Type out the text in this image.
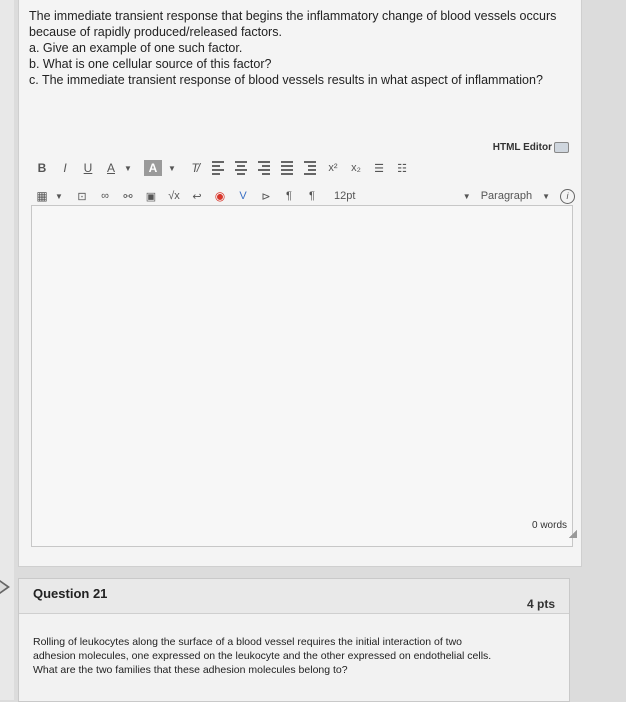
The immediate transient response that begins the inflammatory change of blood vessels occurs

because of rapidly produced/released factors.

a. Give an example of one such factor.

b. What is one cellular source of this factor?

c. The immediate transient response of blood vessels results in what aspect of inflammation?

HTML Editor
B	I	U A	▼	A	▼ T̸	x² x₂ ☰ ☷
▦ ▼ ⊡ ∞ ⚯ ▣ √x ↩ ◉	V	⊳	¶	¶	12pt	▼ Paragraph ▼	i
0 words
Question 21
4 pts
Rolling of leukocytes along the surface of a blood vessel requires the initial interaction of two
adhesion molecules, one expressed on the leukocyte and the other expressed on endothelial cells.
What are the two families that these adhesion molecules belong to?
